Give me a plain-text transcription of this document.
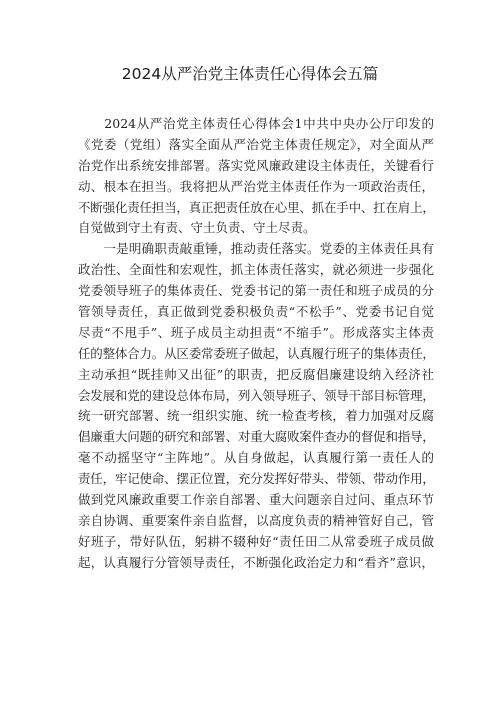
2024从严治党主体责任心得体会五篇
　　2024从严治党主体责任心得体会1中共中央办公厅印发的
《党委（党组）落实全面从严治党主体责任规定》，对全面从严
治党作出系统安排部署。落实党风廉政建设主体责任，关键看行
动、根本在担当。我将把从严治党主体责任作为一项政治责任，
不断强化责任担当，真正把责任放在心里、抓在手中、扛在肩上，
自觉做到守土有责、守土负责、守土尽责。
　　一是明确职责敲重锤，推动责任落实。党委的主体责任具有
政治性、全面性和宏观性，抓主体责任落实，就必须进一步强化
党委领导班子的集体责任、党委书记的第一责任和班子成员的分
管领导责任，真正做到党委积极负责“不松手”、党委书记自觉
尽责“不甩手”、班子成员主动担责“不缩手”。形成落实主体责
任的整体合力。从区委常委班子做起，认真履行班子的集体责任，
主动承担“既挂帅又出征”的职责，把反腐倡廉建设纳入经济社
会发展和党的建设总体布局，列入领导班子、领导干部目标管理，
统一研究部署、统一组织实施、统一检查考核，着力加强对反腐
倡廉重大问题的研究和部署、对重大腐败案件查办的督促和指导，
毫不动摇坚守“主阵地”。从自身做起，认真履行第一责任人的
责任，牢记使命、摆正位置，充分发挥好带头、带领、带动作用，
做到党风廉政重要工作亲自部署、重大问题亲自过问、重点环节
亲自协调、重要案件亲自监督，以高度负责的精神管好自己，管
好班子，带好队伍，躬耕不辍种好“责任田二从常委班子成员做
起，认真履行分管领导责任，不断强化政治定力和“看齐”意识，
